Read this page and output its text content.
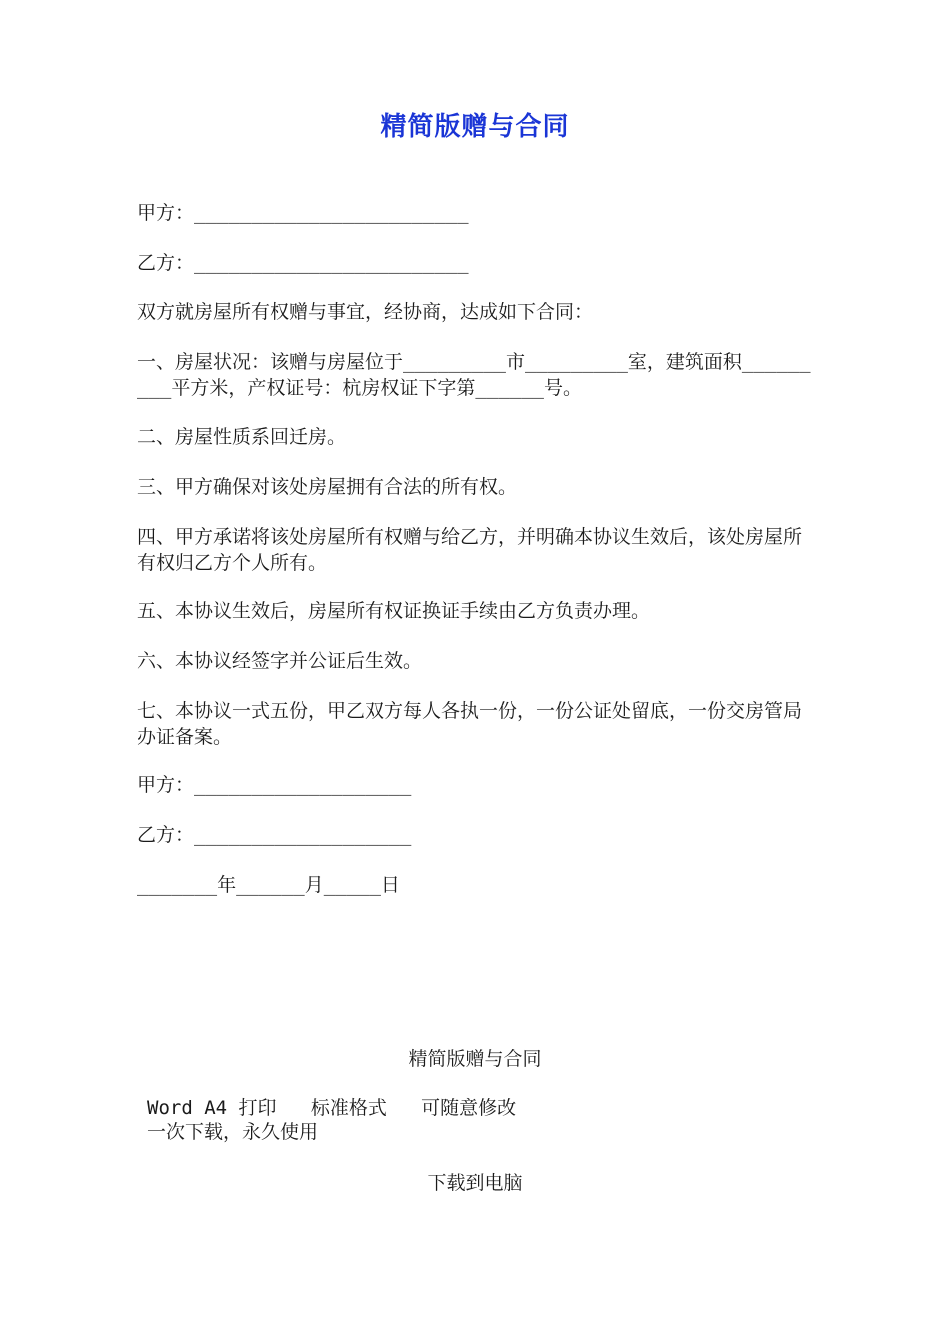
精简版赠与合同
甲方：________________________
乙方：________________________
双方就房屋所有权赠与事宜，经协商，达成如下合同：
一、房屋状况：该赠与房屋位于_________市_________室，建筑面积_________平方米，产权证号：杭房权证下字第______号。
二、房屋性质系回迁房。
三、甲方确保对该处房屋拥有合法的所有权。
四、甲方承诺将该处房屋所有权赠与给乙方，并明确本协议生效后，该处房屋所有权归乙方个人所有。
五、本协议生效后，房屋所有权证换证手续由乙方负责办理。
六、本协议经签字并公证后生效。
七、本协议一式五份，甲乙双方每人各执一份，一份公证处留底，一份交房管局办证备案。
甲方：___________________
乙方：___________________
_______年______月_____日
精简版赠与合同
Word A4 打印   标准格式   可随意修改
一次下载，永久使用
下载到电脑
